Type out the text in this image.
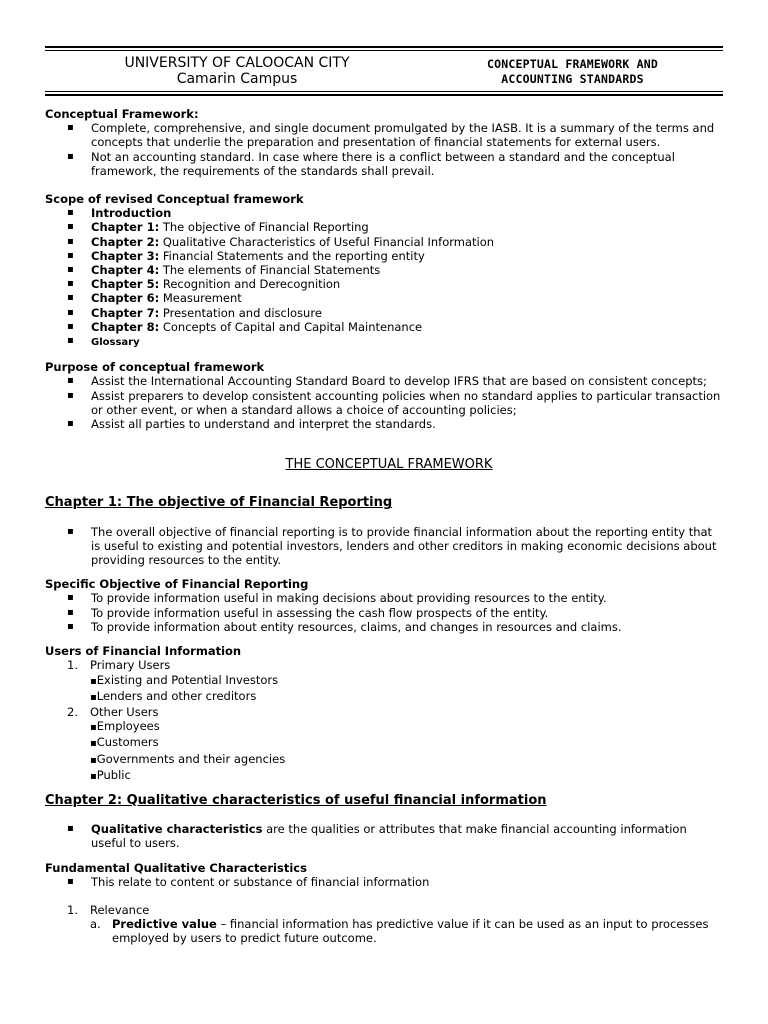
UNIVERSITY OF CALOOCAN CITY
Camarin Campus
CONCEPTUAL FRAMEWORK AND
ACCOUNTING STANDARDS

Conceptual Framework:

▪ Complete, comprehensive, and single document promulgated by the IASB. It is a summary of the terms and concepts that underlie the preparation and presentation of financial statements for external users.
▪ Not an accounting standard. In case where there is a conflict between a standard and the conceptual framework, the requirements of the standards shall prevail.

Scope of revised Conceptual framework

▪ Introduction
▪ Chapter 1: The objective of Financial Reporting
▪ Chapter 2: Qualitative Characteristics of Useful Financial Information
▪ Chapter 3: Financial Statements and the reporting entity
▪ Chapter 4: The elements of Financial Statements
▪ Chapter 5: Recognition and Derecognition
▪ Chapter 6: Measurement
▪ Chapter 7: Presentation and disclosure
▪ Chapter 8: Concepts of Capital and Capital Maintenance
▪ Glossary

Purpose of conceptual framework

▪ Assist the International Accounting Standard Board to develop IFRS that are based on consistent concepts;
▪ Assist preparers to develop consistent accounting policies when no standard applies to particular transaction or other event, or when a standard allows a choice of accounting policies;
▪ Assist all parties to understand and interpret the standards.

THE CONCEPTUAL FRAMEWORK

Chapter 1: The objective of Financial Reporting

▪ The overall objective of financial reporting is to provide financial information about the reporting entity that is useful to existing and potential investors, lenders and other creditors in making economic decisions about providing resources to the entity.

Specific Objective of Financial Reporting

▪ To provide information useful in making decisions about providing resources to the entity.
▪ To provide information useful in assessing the cash flow prospects of the entity.
▪ To provide information about entity resources, claims, and changes in resources and claims.

Users of Financial Information

1. Primary Users
▪ Existing and Potential Investors
▪ Lenders and other creditors
2. Other Users
▪ Employees
▪ Customers
▪ Governments and their agencies
▪ Public

Chapter 2: Qualitative characteristics of useful financial information

▪ Qualitative characteristics are the qualities or attributes that make financial accounting information useful to users.

Fundamental Qualitative Characteristics

▪ This relate to content or substance of financial information
1. Relevance
a. Predictive value – financial information has predictive value if it can be used as an input to processes employed by users to predict future outcome.
